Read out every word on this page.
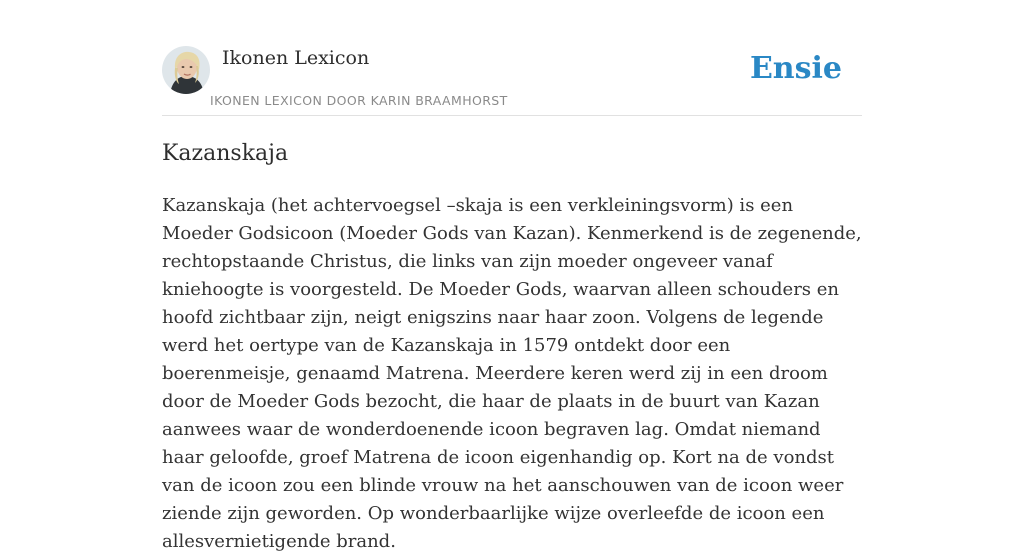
Ikonen Lexicon
IKONEN LEXICON DOOR KARIN BRAAMHORST
Ensie
Kazanskaja

Kazanskaja (het achtervoegsel –skaja is een verkleiningsvorm) is een Moeder Godsicoon (Moeder Gods van Kazan). Kenmerkend is de zegenende, rechtopstaande Christus, die links van zijn moeder ongeveer vanaf kniehoogte is voorgesteld. De Moeder Gods, waarvan alleen schouders en hoofd zichtbaar zijn, neigt enigszins naar haar zoon. Volgens de legende werd het oertype van de Kazanskaja in 1579 ontdekt door een boerenmeisje, genaamd Matrena. Meerdere keren werd zij in een droom door de Moeder Gods bezocht, die haar de plaats in de buurt van Kazan aanwees waar de wonderdoenende icoon begraven lag. Omdat niemand haar geloofde, groef Matrena de icoon eigenhandig op. Kort na de vondst van de icoon zou een blinde vrouw na het aanschouwen van de icoon weer ziende zijn geworden. Op wonderbaarlijke wijze overleefde de icoon een allesvernietigende brand.
